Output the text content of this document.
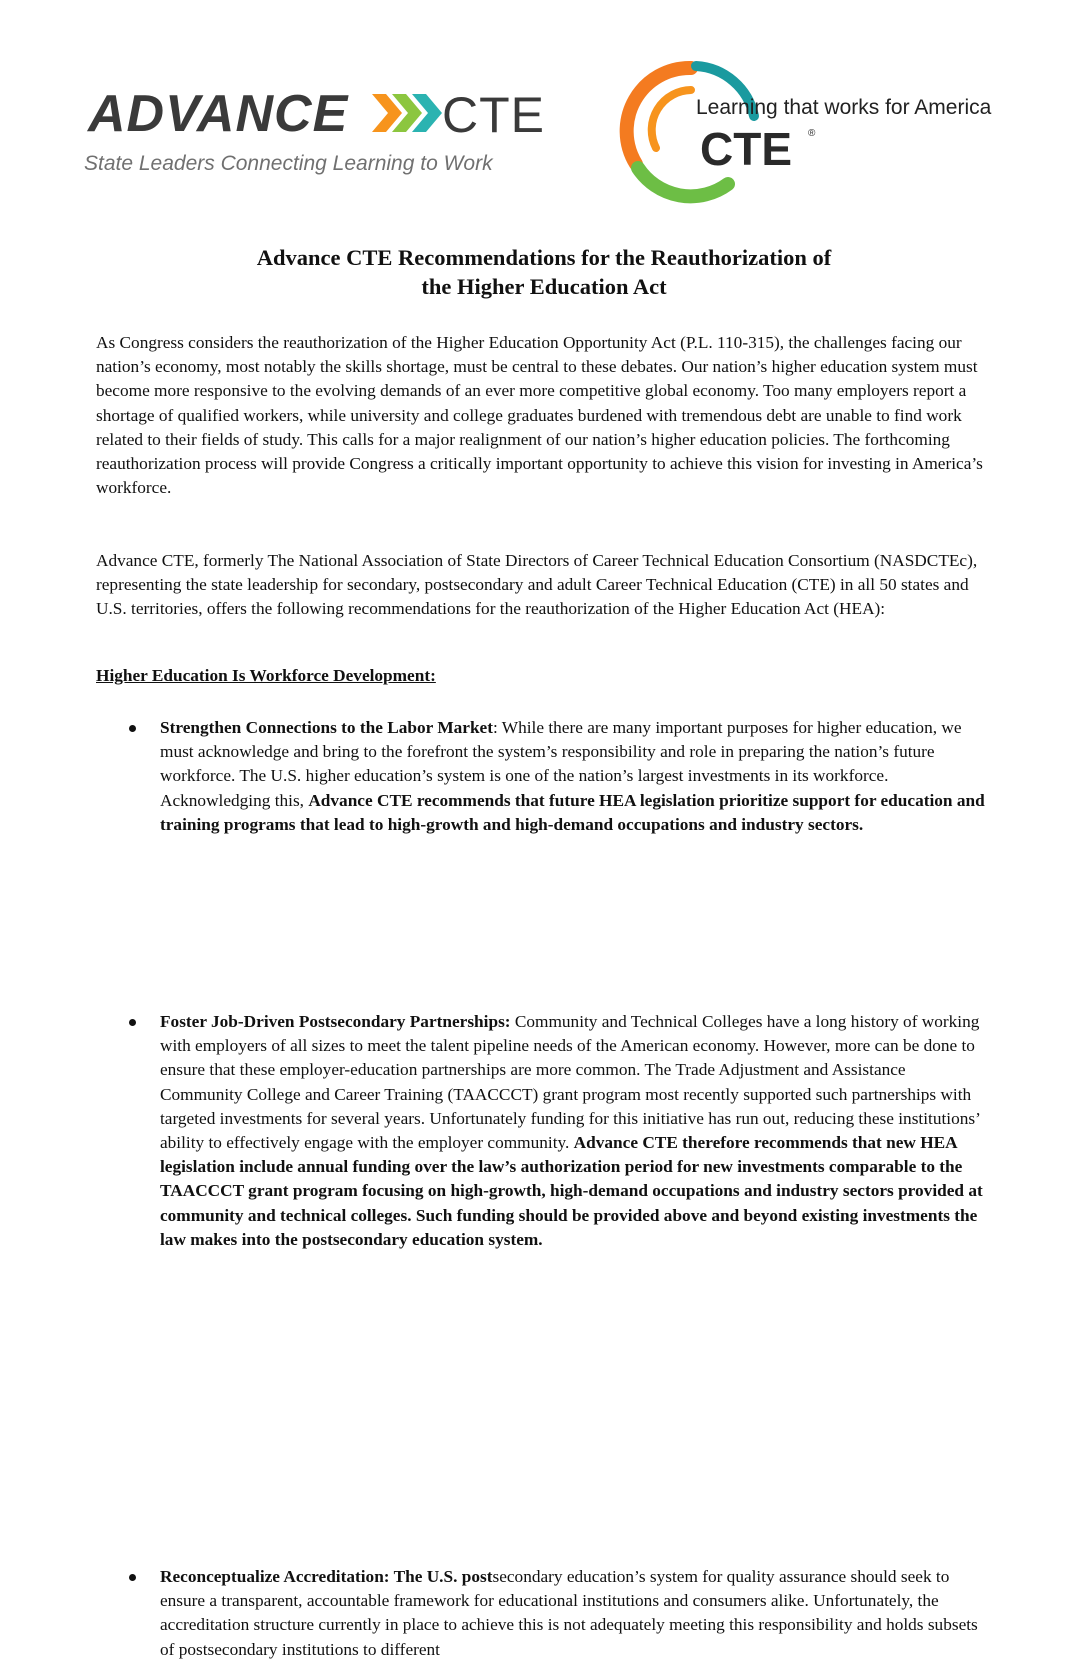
ADVANCE CTE
State Leaders Connecting Learning to Work
Learning that works for America
CTE ®
Advance CTE Recommendations for the Reauthorization of
the Higher Education Act
As Congress considers the reauthorization of the Higher Education Opportunity Act (P.L. 110-315), the challenges facing our nation’s economy, most notably the skills shortage, must be central to these debates. Our nation’s higher education system must become more responsive to the evolving demands of an ever more competitive global economy. Too many employers report a shortage of qualified workers, while university and college graduates burdened with tremendous debt are unable to find work related to their fields of study. This calls for a major realignment of our nation’s higher education policies. The forthcoming reauthorization process will provide Congress a critically important opportunity to achieve this vision for investing in America’s workforce.
Advance CTE, formerly The National Association of State Directors of Career Technical Education Consortium (NASDCTEc), representing the state leadership for secondary, postsecondary and adult Career Technical Education (CTE) in all 50 states and U.S. territories, offers the following recommendations for the reauthorization of the Higher Education Act (HEA):
Higher Education Is Workforce Development:
Strengthen Connections to the Labor Market: While there are many important purposes for higher education, we must acknowledge and bring to the forefront the system’s responsibility and role in preparing the nation’s future workforce. The U.S. higher education’s system is one of the nation’s largest investments in its workforce. Acknowledging this, Advance CTE recommends that future HEA legislation prioritize support for education and training programs that lead to high-growth and high-demand occupations and industry sectors.
Foster Job-Driven Postsecondary Partnerships: Community and Technical Colleges have a long history of working with employers of all sizes to meet the talent pipeline needs of the American economy. However, more can be done to ensure that these employer-education partnerships are more common. The Trade Adjustment and Assistance Community College and Career Training (TAACCCT) grant program most recently supported such partnerships with targeted investments for several years. Unfortunately funding for this initiative has run out, reducing these institutions’ ability to effectively engage with the employer community. Advance CTE therefore recommends that new HEA legislation include annual funding over the law’s authorization period for new investments comparable to the TAACCCT grant program focusing on high-growth, high-demand occupations and industry sectors provided at community and technical colleges. Such funding should be provided above and beyond existing investments the law makes into the postsecondary education system.
Reconceptualize Accreditation: The U.S. postsecondary education’s system for quality assurance should seek to ensure a transparent, accountable framework for educational institutions and consumers alike. Unfortunately, the accreditation structure currently in place to achieve this is not adequately meeting this responsibility and holds subsets of postsecondary institutions to different
